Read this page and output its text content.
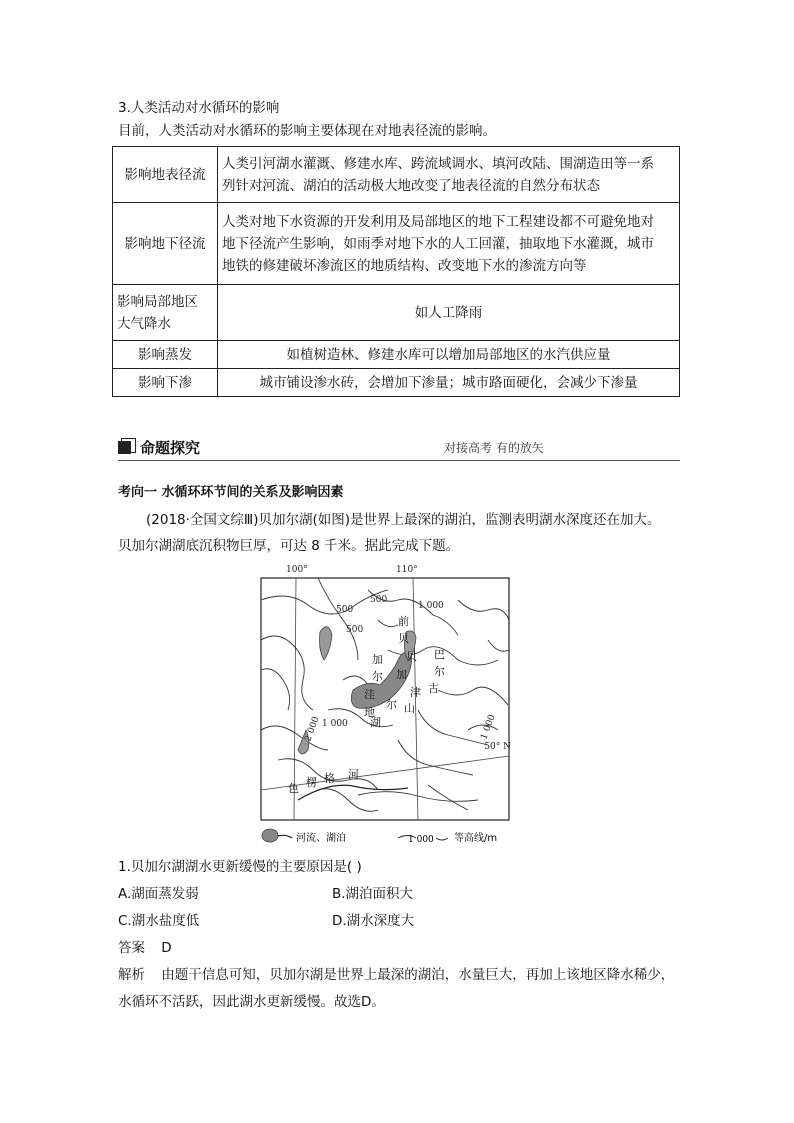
3.人类活动对水循环的影响
目前，人类活动对水循环的影响主要体现在对地表径流的影响。
影响地表径流	人类引河湖水灌溉、修建水库、跨流域调水、填河改陆、围湖造田等一系
列针对河流、湖泊的活动极大地改变了地表径流的自然分布状态

影响地下径流	人类对地下水资源的开发利用及局部地区的地下工程建设都不可避免地对
地下径流产生影响，如雨季对地下水的人工回灌，抽取地下水灌溉，城市
地铁的修建破坏渗流区的地质结构、改变地下水的渗流方向等

影响局部地区
大气降水	如人工降雨
影响蒸发	如植树造林、修建水库可以增加局部地区的水汽供应量
影响下渗	城市铺设渗水砖，会增加下渗量；城市路面硬化，会减少下渗量
命题探究	对接高考 有的放矢
考向一 水循环环节间的关系及影响因素
(2018·全国文综Ⅲ)贝加尔湖(如图)是世界上最深的湖泊，监测表明湖水深度还在加大。
贝加尔湖湖底沉积物巨厚，可达 8 千米。据此完成下题。
100°	110°
50° N
500
500
500
1 000
1 000
2 000	1 000
前
贝
巴
尔
古
加
尔
洼
地
尔
湖
贝
加
津
山
色 楞 格 河
河流、湖泊	1 000 等高线/m
1.贝加尔湖湖水更新缓慢的主要原因是( )
A.湖面蒸发弱	B.湖泊面积大
C.湖水盐度低	D.湖水深度大
答案 D
解析 由题干信息可知，贝加尔湖是世界上最深的湖泊，水量巨大，再加上该地区降水稀少，
水循环不活跃，因此湖水更新缓慢。故选D。
